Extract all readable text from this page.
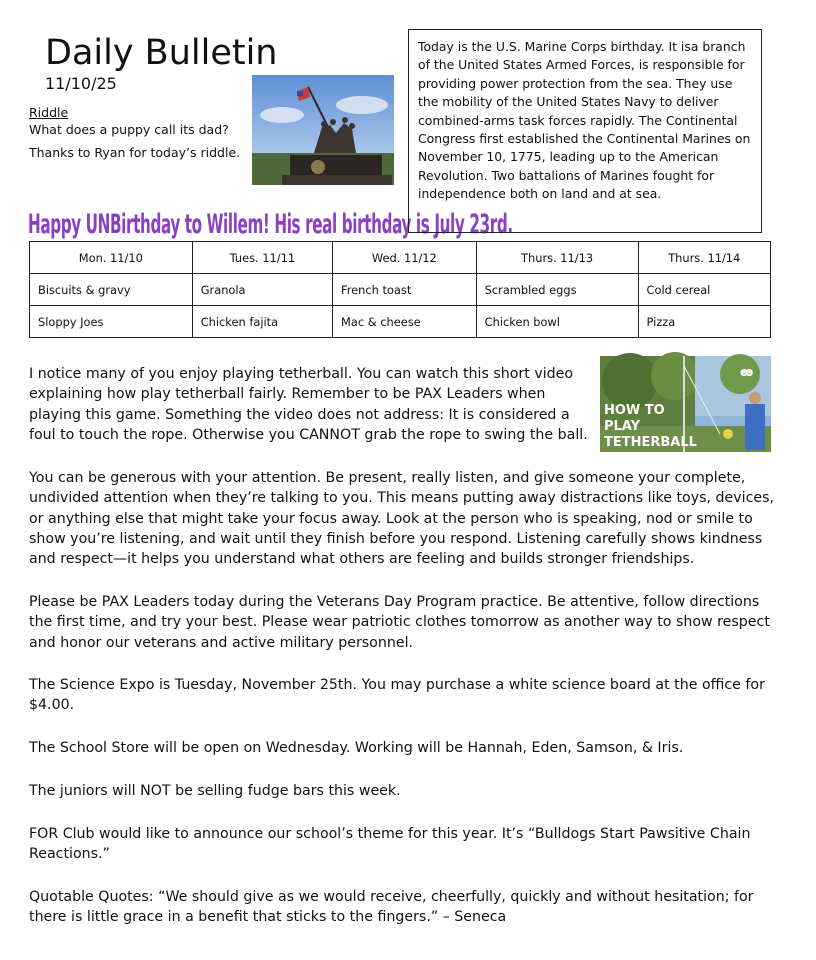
Daily Bulletin
11/10/25
Riddle
What does a puppy call its dad?
Thanks to Ryan for today’s riddle.
Happy UNBirthday to Willem! His real birthday is July 23rd.
Today is the U.S. Marine Corps birthday. It isa branch of the United States Armed Forces, is responsible for providing power protection from the sea. They use the mobility of the United States Navy to deliver combined-arms task forces rapidly. The Continental Congress first established the Continental Marines on November 10, 1775, leading up to the American Revolution. Two battalions of Marines fought for independence both on land and at sea.
Mon. 11/10	Tues. 11/11	Wed. 11/12	Thurs. 11/13	Thurs. 11/14
Biscuits & gravy	Granola	French toast	Scrambled eggs	Cold cereal
Sloppy Joes	Chicken fajita	Mac & cheese	Chicken bowl	Pizza
I notice many of you enjoy playing tetherball. You can watch this short video explaining how play tetherball fairly. Remember to be PAX Leaders when playing this game. Something the video does not address: It is considered a foul to touch the rope. Otherwise you CANNOT grab the rope to swing the ball.
ꙭ
HOW TO
PLAY
TETHERBALL
You can be generous with your attention. Be present, really listen, and give someone your complete, undivided attention when they’re talking to you. This means putting away distractions like toys, devices, or anything else that might take your focus away. Look at the person who is speaking, nod or smile to show you’re listening, and wait until they finish before you respond. Listening carefully shows kindness and respect—it helps you understand what others are feeling and builds stronger friendships.
Please be PAX Leaders today during the Veterans Day Program practice. Be attentive, follow directions the first time, and try your best. Please wear patriotic clothes tomorrow as another way to show respect and honor our veterans and active military personnel.
The Science Expo is Tuesday, November 25th. You may purchase a white science board at the office for $4.00.
The School Store will be open on Wednesday. Working will be Hannah, Eden, Samson, & Iris.
The juniors will NOT be selling fudge bars this week.
FOR Club would like to announce our school’s theme for this year. It’s “Bulldogs Start Pawsitive Chain Reactions.”
Quotable Quotes: “We should give as we would receive, cheerfully, quickly and without hesitation; for there is little grace in a benefit that sticks to the fingers.” – Seneca
